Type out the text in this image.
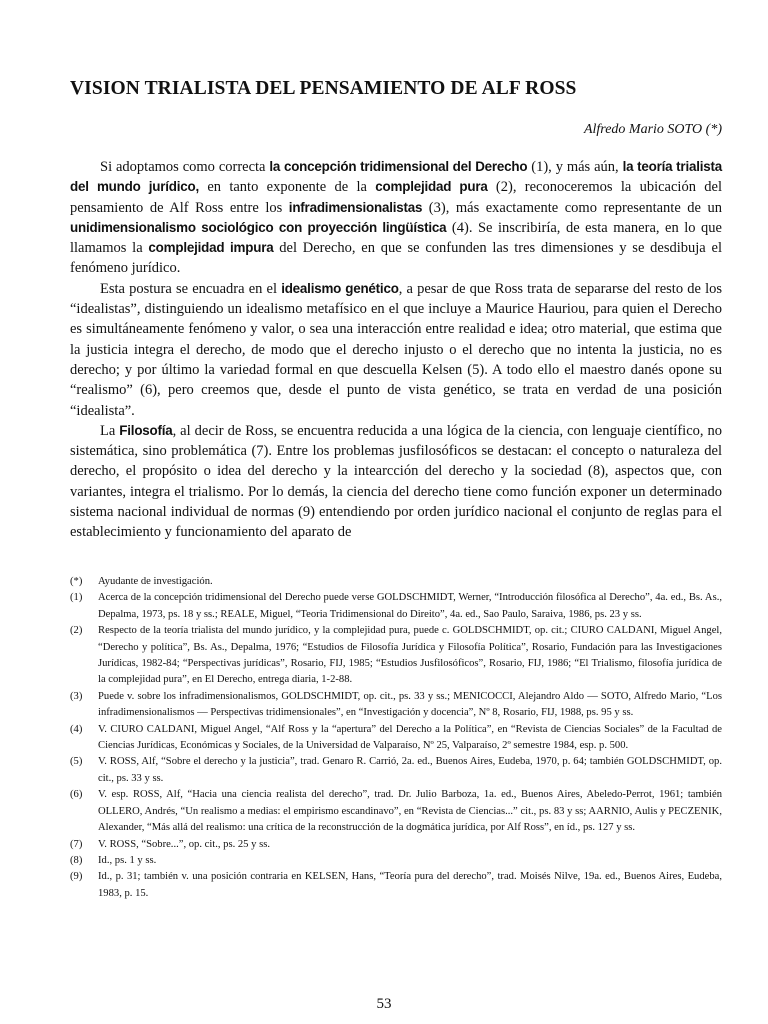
VISION TRIALISTA DEL PENSAMIENTO DE ALF ROSS
Alfredo Mario SOTO (*)

Si adoptamos como correcta la concepción tridimensional del Derecho (1), y más aún, la teoría trialista del mundo jurídico, en tanto exponente de la complejidad pura (2), reconoceremos la ubicación del pensamiento de Alf Ross entre los infradimensionalistas (3), más exactamente como representante de un unidimensionalismo sociológico con proyección lingüística (4). Se inscribiría, de esta manera, en lo que llamamos la complejidad impura del Derecho, en que se confunden las tres dimensiones y se desdibuja el fenómeno jurídico.

Esta postura se encuadra en el idealismo genético, a pesar de que Ross trata de separarse del resto de los “idealistas”, distinguiendo un idealismo metafísico en el que incluye a Maurice Hauriou, para quien el Derecho es simultáneamente fenómeno y valor, o sea una interacción entre realidad e idea; otro material, que estima que la justicia integra el derecho, de modo que el derecho injusto o el derecho que no intenta la justicia, no es derecho; y por último la variedad formal en que descuella Kelsen (5). A todo ello el maestro danés opone su “realismo” (6), pero creemos que, desde el punto de vista genético, se trata en verdad de una posición “idealista”.

La Filosofía, al decir de Ross, se encuentra reducida a una lógica de la ciencia, con lenguaje científico, no sistemática, sino problemática (7). Entre los problemas jusfilosóficos se destacan: el concepto o naturaleza del derecho, el propósito o idea del derecho y la intearcción del derecho y la sociedad (8), aspectos que, con variantes, integra el trialismo. Por lo demás, la ciencia del derecho tiene como función exponer un determinado sistema nacional individual de normas (9) entendiendo por orden jurídico nacional el conjunto de reglas para el establecimiento y funcionamiento del aparato de

(*)	Ayudante de investigación.
(1)	Acerca de la concepción tridimensional del Derecho puede verse GOLDSCHMIDT, Werner, “Introducción filosófica al Derecho”, 4a. ed., Bs. As., Depalma, 1973, ps. 18 y ss.; REALE, Miguel, “Teoria Tridimensional do Direito”, 4a. ed., Sao Paulo, Saraiva, 1986, ps. 23 y ss.
(2)	Respecto de la teoría trialista del mundo jurídico, y la complejidad pura, puede c. GOLDSCHMIDT, op. cit.; CIURO CALDANI, Miguel Angel, “Derecho y política”, Bs. As., Depalma, 1976; “Estudios de Filosofía Jurídica y Filosofía Política”, Rosario, Fundación para las Investigaciones Jurídicas, 1982-84; “Perspectivas jurídicas”, Rosario, FIJ, 1985; “Estudios Jusfilosóficos”, Rosario, FIJ, 1986; “El Trialismo, filosofía jurídica de la complejidad pura”, en El Derecho, entrega diaria, 1-2-88.
(3)	Puede v. sobre los infradimensionalismos, GOLDSCHMIDT, op. cit., ps. 33 y ss.; MENICOCCI, Alejandro Aldo — SOTO, Alfredo Mario, “Los infradimensionalismos — Perspectivas tridimensionales”, en “Investigación y docencia”, Nº 8, Rosario, FIJ, 1988, ps. 95 y ss.
(4)	V. CIURO CALDANI, Miguel Angel, “Alf Ross y la “apertura” del Derecho a la Política”, en “Revista de Ciencias Sociales” de la Facultad de Ciencias Jurídicas, Económicas y Sociales, de la Universidad de Valparaíso, Nº 25, Valparaíso, 2º semestre 1984, esp. p. 500.
(5)	V. ROSS, Alf, “Sobre el derecho y la justicia”, trad. Genaro R. Carrió, 2a. ed., Buenos Aires, Eudeba, 1970, p. 64; también GOLDSCHMIDT, op. cit., ps. 33 y ss.
(6)	V. esp. ROSS, Alf, “Hacia una ciencia realista del derecho”, trad. Dr. Julio Barboza, 1a. ed., Buenos Aires, Abeledo-Perrot, 1961; también OLLERO, Andrés, “Un realismo a medias: el empirismo escandinavo”, en “Revista de Ciencias...” cit., ps. 83 y ss; AARNIO, Aulis y PECZENIK, Alexander, “Más allá del realismo: una crítica de la reconstrucción de la dogmática jurídica, por Alf Ross”, en íd., ps. 127 y ss.
(7)	V. ROSS, “Sobre...”, op. cit., ps. 25 y ss.
(8)	Id., ps. 1 y ss.
(9)	Id., p. 31; también v. una posición contraria en KELSEN, Hans, “Teoría pura del derecho”, trad. Moisés Nilve, 19a. ed., Buenos Aires, Eudeba, 1983, p. 15.
53
